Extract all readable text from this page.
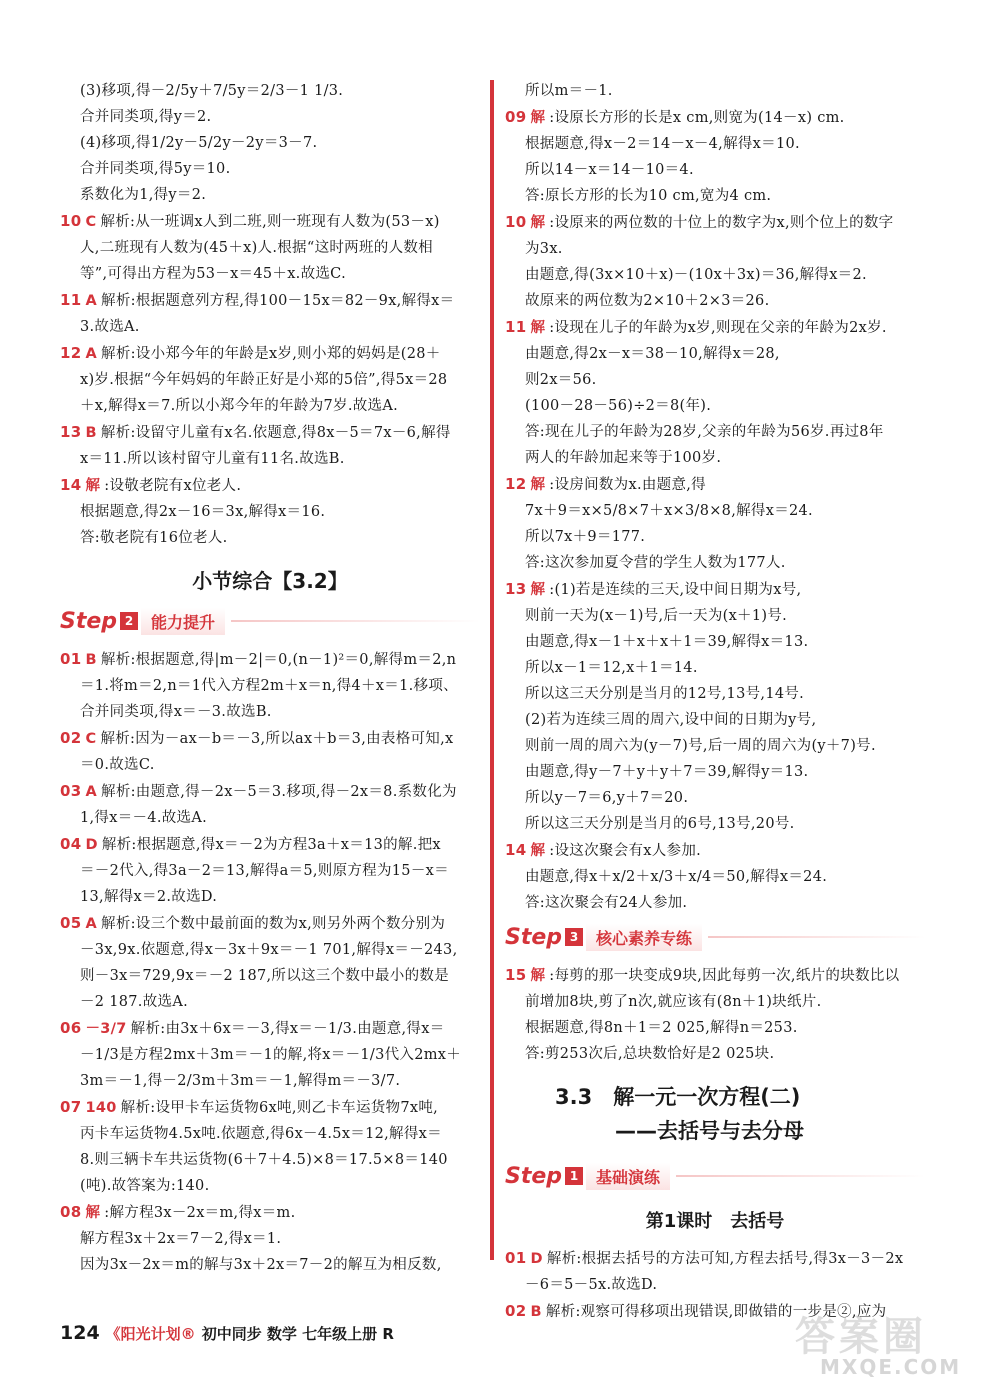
(3)移项,得－2/5y＋7/5y＝2/3－1 1/3.
合并同类项,得y＝2.
(4)移项,得1/2y－5/2y－2y＝3－7.
合并同类项,得5y＝10.
系数化为1,得y＝2.
10 C 解析:从一班调x人到二班,则一班现有人数为(53－x)
人,二班现有人数为(45＋x)人.根据“这时两班的人数相
等”,可得出方程为53－x＝45＋x.故选C.
11 A 解析:根据题意列方程,得100－15x＝82－9x,解得x＝
3.故选A.
12 A 解析:设小郑今年的年龄是x岁,则小郑的妈妈是(28＋
x)岁.根据“今年妈妈的年龄正好是小郑的5倍”,得5x＝28
＋x,解得x＝7.所以小郑今年的年龄为7岁.故选A.
13 B 解析:设留守儿童有x名.依题意,得8x－5＝7x－6,解得
x＝11.所以该村留守儿童有11名.故选B.
14 解 :设敬老院有x位老人.
根据题意,得2x－16＝3x,解得x＝16.
答:敬老院有16位老人.
小节综合【3.2】
Step 2	能力提升
01 B 解析:根据题意,得|m－2|＝0,(n－1)²＝0,解得m＝2,n
＝1.将m＝2,n＝1代入方程2m＋x＝n,得4＋x＝1.移项、
合并同类项,得x＝－3.故选B.
02 C 解析:因为－ax－b＝－3,所以ax＋b＝3,由表格可知,x
＝0.故选C.
03 A 解析:由题意,得－2x－5＝3.移项,得－2x＝8.系数化为
1,得x＝－4.故选A.
04 D 解析:根据题意,得x＝－2为方程3a＋x＝13的解.把x
＝－2代入,得3a－2＝13,解得a＝5,则原方程为15－x＝
13,解得x＝2.故选D.
05 A 解析:设三个数中最前面的数为x,则另外两个数分别为
－3x,9x.依题意,得x－3x＋9x＝－1 701,解得x＝－243,
则－3x＝729,9x＝－2 187,所以这三个数中最小的数是
－2 187.故选A.
06 －3/7 解析:由3x＋6x＝－3,得x＝－1/3.由题意,得x＝
－1/3是方程2mx＋3m＝－1的解,将x＝－1/3代入2mx＋
3m＝－1,得－2/3m＋3m＝－1,解得m＝－3/7.
07 140 解析:设甲卡车运货物6x吨,则乙卡车运货物7x吨,
丙卡车运货物4.5x吨.依题意,得6x－4.5x＝12,解得x＝
8.则三辆卡车共运货物(6＋7＋4.5)×8＝17.5×8＝140
(吨).故答案为:140.
08 解 :解方程3x－2x＝m,得x＝m.
解方程3x＋2x＝7－2,得x＝1.
因为3x－2x＝m的解与3x＋2x＝7－2的解互为相反数,
所以m＝－1.
09 解 :设原长方形的长是x cm,则宽为(14－x) cm.
根据题意,得x－2＝14－x－4,解得x＝10.
所以14－x＝14－10＝4.
答:原长方形的长为10 cm,宽为4 cm.
10 解 :设原来的两位数的十位上的数字为x,则个位上的数字
为3x.
由题意,得(3x×10＋x)－(10x＋3x)＝36,解得x＝2.
故原来的两位数为2×10＋2×3＝26.
11 解 :设现在儿子的年龄为x岁,则现在父亲的年龄为2x岁.
由题意,得2x－x＝38－10,解得x＝28,
则2x＝56.
(100－28－56)÷2＝8(年).
答:现在儿子的年龄为28岁,父亲的年龄为56岁.再过8年
两人的年龄加起来等于100岁.
12 解 :设房间数为x.由题意,得
7x＋9＝x×5/8×7＋x×3/8×8,解得x＝24.
所以7x＋9＝177.
答:这次参加夏令营的学生人数为177人.
13 解 :(1)若是连续的三天,设中间日期为x号,
则前一天为(x－1)号,后一天为(x＋1)号.
由题意,得x－1＋x＋x＋1＝39,解得x＝13.
所以x－1＝12,x＋1＝14.
所以这三天分别是当月的12号,13号,14号.
(2)若为连续三周的周六,设中间的日期为y号,
则前一周的周六为(y－7)号,后一周的周六为(y＋7)号.
由题意,得y－7＋y＋y＋7＝39,解得y＝13.
所以y－7＝6,y＋7＝20.
所以这三天分别是当月的6号,13号,20号.
14 解 :设这次聚会有x人参加.
由题意,得x＋x/2＋x/3＋x/4＝50,解得x＝24.
答:这次聚会有24人参加.
Step 3	核心素养专练
15 解 :每剪的那一块变成9块,因此每剪一次,纸片的块数比以
前增加8块,剪了n次,就应该有(8n＋1)块纸片.
根据题意,得8n＋1＝2 025,解得n＝253.
答:剪253次后,总块数恰好是2 025块.
3.3　解一元一次方程(二)
——去括号与去分母
Step 1	基础演练
第1课时　去括号
01 D 解析:根据去括号的方法可知,方程去括号,得3x－3－2x
－6＝5－5x.故选D.
02 B 解析:观察可得移项出现错误,即做错的一步是②,应为
124 《阳光计划® 初中同步 数学 七年级上册 R	答案圈
MXQE.COM
